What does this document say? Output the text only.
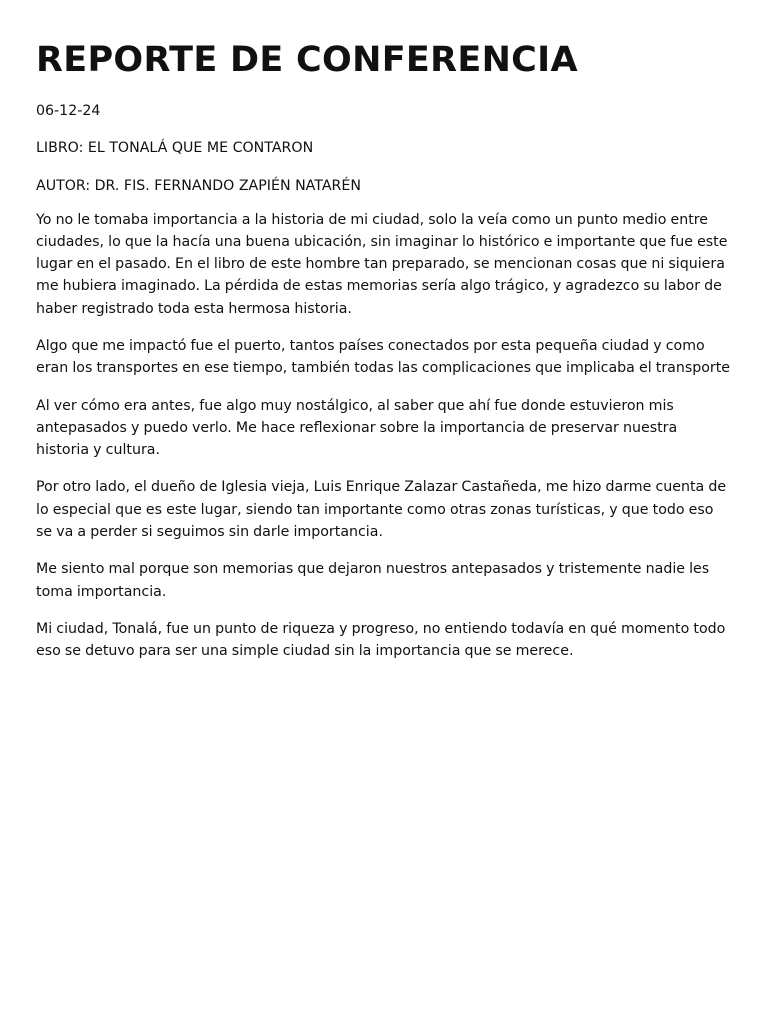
REPORTE DE CONFERENCIA

06-12-24

LIBRO: EL TONALÁ QUE ME CONTARON

AUTOR: DR. FIS. FERNANDO ZAPIÉN NATARÉN

Yo no le tomaba importancia a la historia de mi ciudad, solo la veía como un punto medio entre ciudades, lo que la hacía una buena ubicación, sin imaginar lo histórico e importante que fue este lugar en el pasado. En el libro de este hombre tan preparado, se mencionan cosas que ni siquiera me hubiera imaginado. La pérdida de estas memorias sería algo trágico, y agradezco su labor de haber registrado toda esta hermosa historia.

Algo que me impactó fue el puerto, tantos países conectados por esta pequeña ciudad y como eran los transportes en ese tiempo, también todas las complicaciones que implicaba el transporte

Al ver cómo era antes, fue algo muy nostálgico, al saber que ahí fue donde estuvieron mis antepasados y puedo verlo. Me hace reflexionar sobre la importancia de preservar nuestra historia y cultura.

Por otro lado, el dueño de Iglesia vieja, Luis Enrique Zalazar Castañeda, me hizo darme cuenta de lo especial que es este lugar, siendo tan importante como otras zonas turísticas, y que todo eso se va a perder si seguimos sin darle importancia.

Me siento mal porque son memorias que dejaron nuestros antepasados y tristemente nadie les toma importancia.

Mi ciudad, Tonalá, fue un punto de riqueza y progreso, no entiendo todavía en qué momento todo eso se detuvo para ser una simple ciudad sin la importancia que se merece.
